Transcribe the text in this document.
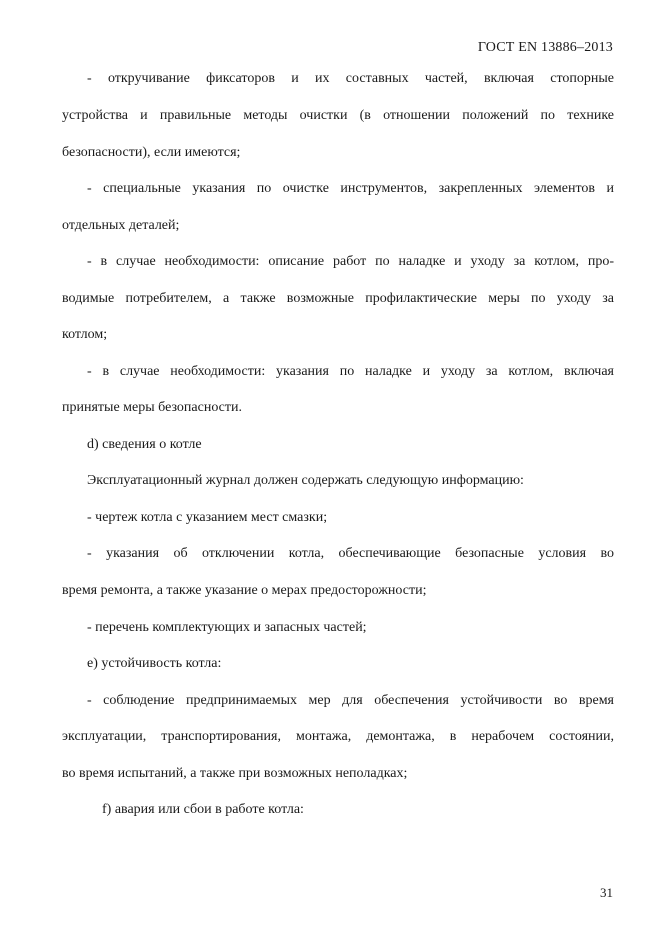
ГОСТ EN 13886–2013
- откручивание фиксаторов и их составных частей, включая стопорные
устройства и правильные методы очистки (в отношении положений по технике
безопасности), если имеются;
- специальные указания по очистке инструментов, закрепленных элементов и
отдельных деталей;
- в случае необходимости: описание работ по наладке и уходу за котлом, про-
водимые потребителем, а также возможные профилактические меры по уходу за
котлом;
- в случае необходимости: указания по наладке и уходу за котлом, включая
принятые меры безопасности.
d) сведения о котле
Эксплуатационный журнал должен содержать следующую информацию:
- чертеж котла с указанием мест смазки;
- указания об отключении котла, обеспечивающие безопасные условия во
время ремонта, а также указание о мерах предосторожности;
- перечень комплектующих и запасных частей;
e) устойчивость котла:
- соблюдение предпринимаемых мер для обеспечения устойчивости во время
эксплуатации, транспортирования, монтажа, демонтажа, в нерабочем состоянии,
во время испытаний, а также при возможных неполадках;
f) авария или сбои в работе котла:
31
